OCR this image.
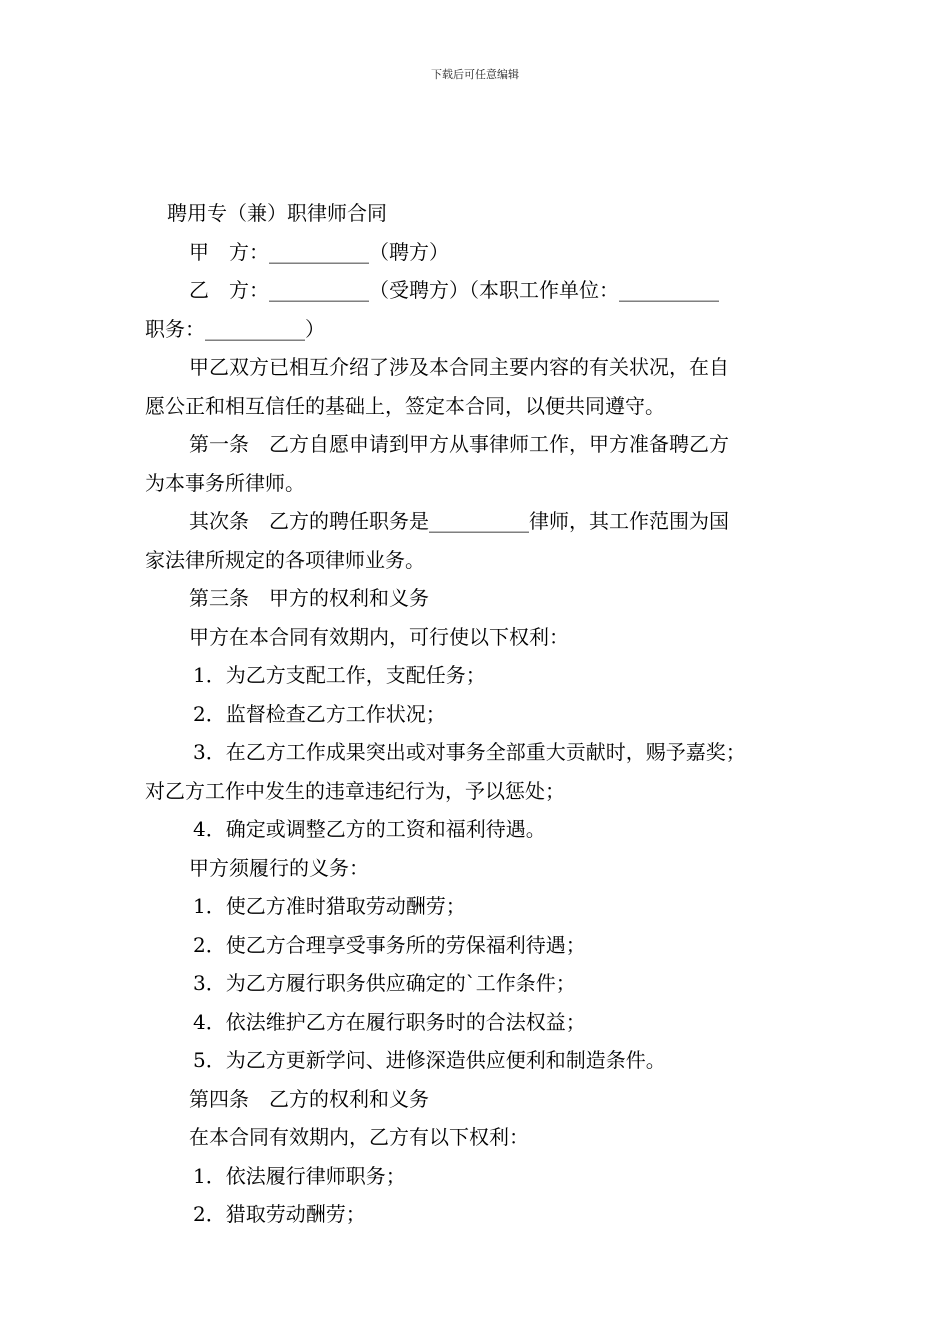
下载后可任意编辑
聘用专（兼）职律师合同
甲　方：__________（聘方）
乙　方：__________（受聘方）（本职工作单位：__________
职务：__________）
甲乙双方已相互介绍了涉及本合同主要内容的有关状况，在自
愿公正和相互信任的基础上，签定本合同，以便共同遵守。
第一条　乙方自愿申请到甲方从事律师工作，甲方准备聘乙方
为本事务所律师。
其次条　乙方的聘任职务是__________律师，其工作范围为国
家法律所规定的各项律师业务。
第三条　甲方的权利和义务
甲方在本合同有效期内，可行使以下权利：
1．为乙方支配工作，支配任务；
2．监督检查乙方工作状况；
3．在乙方工作成果突出或对事务全部重大贡献时，赐予嘉奖；
对乙方工作中发生的违章违纪行为，予以惩处；
4．确定或调整乙方的工资和福利待遇。
甲方须履行的义务：
1．使乙方准时猎取劳动酬劳；
2．使乙方合理享受事务所的劳保福利待遇；
3．为乙方履行职务供应确定的`工作条件；
4．依法维护乙方在履行职务时的合法权益；
5．为乙方更新学问、进修深造供应便利和制造条件。
第四条　乙方的权利和义务
在本合同有效期内，乙方有以下权利：
1．依法履行律师职务；
2．猎取劳动酬劳；
